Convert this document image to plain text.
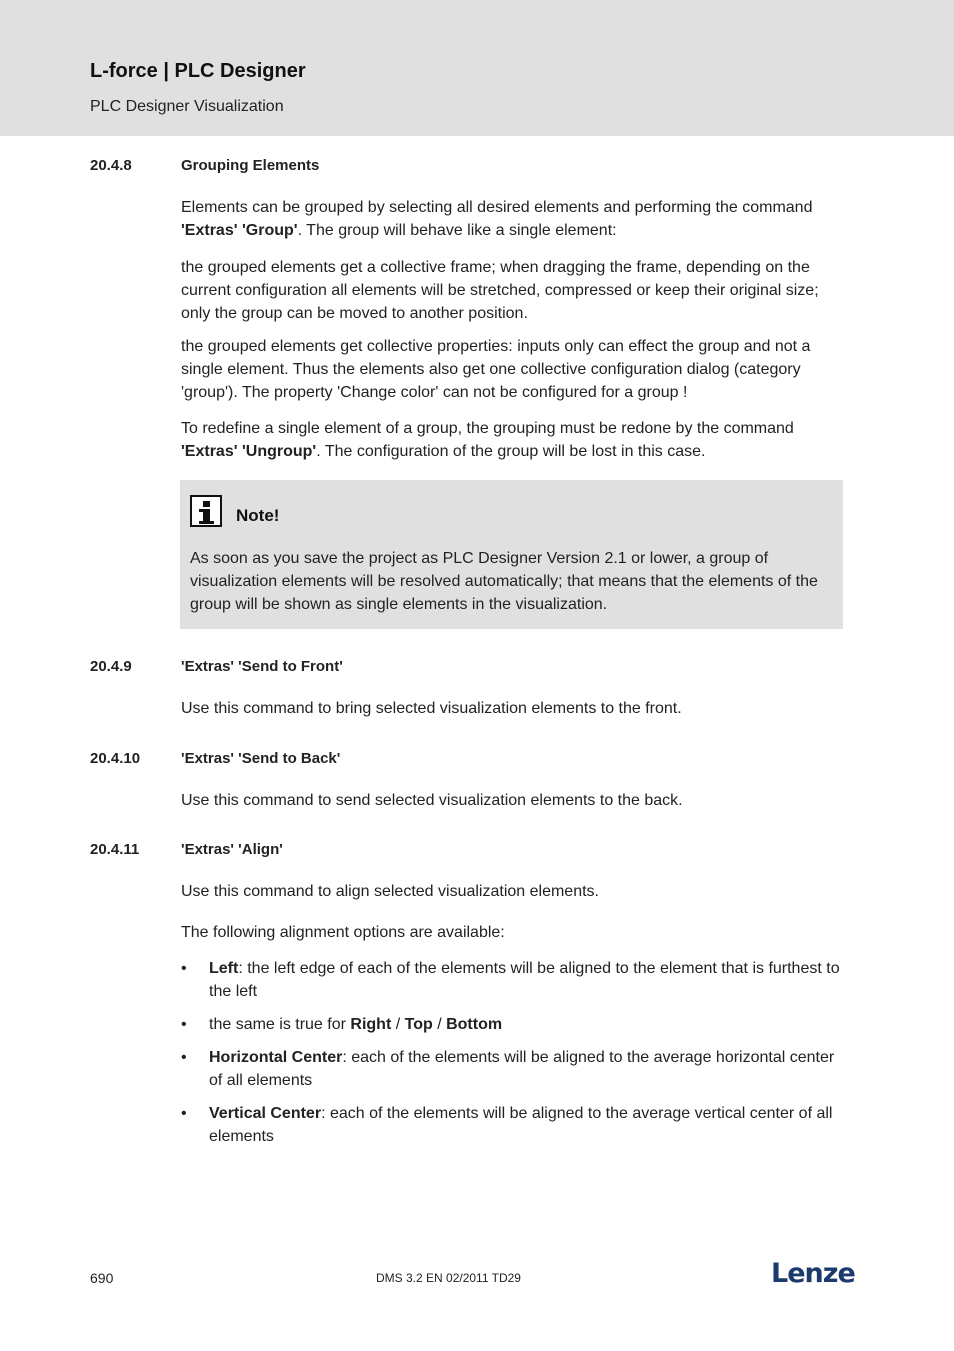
L-force | PLC Designer
PLC Designer Visualization
20.4.8	Grouping Elements
Elements can be grouped by selecting all desired elements and performing the command 'Extras' 'Group'. The group will behave like a single element:
the grouped elements get a collective frame; when dragging the frame, depending on the current configuration all elements will be stretched, compressed or keep their original size; only the group can be moved to another position.
the grouped elements get collective properties: inputs only can effect the group and not a single element. Thus the elements also get one collective configuration dialog (category 'group'). The property 'Change color' can not be configured for a group !
To redefine a single element of a group, the grouping must be redone by the command 'Extras' 'Ungroup'. The configuration of the group will be lost in this case.
Note!
As soon as you save the project as PLC Designer Version 2.1 or lower, a group of visualization elements will be resolved automatically; that means that the elements of the group will be shown as single elements in the visualization.
20.4.9	'Extras' 'Send to Front'
Use this command to bring selected visualization elements to the front.
20.4.10	'Extras' 'Send to Back'
Use this command to send selected visualization elements to the back.
20.4.11	'Extras' 'Align'
Use this command to align selected visualization elements.
The following alignment options are available:
• Left: the left edge of each of the elements will be aligned to the element that is furthest to the left
• the same is true for Right / Top / Bottom
• Horizontal Center: each of the elements will be aligned to the average horizontal center of all elements
• Vertical Center: each of the elements will be aligned to the average vertical center of all elements
690	DMS 3.2 EN 02/2011 TD29	Lenze
